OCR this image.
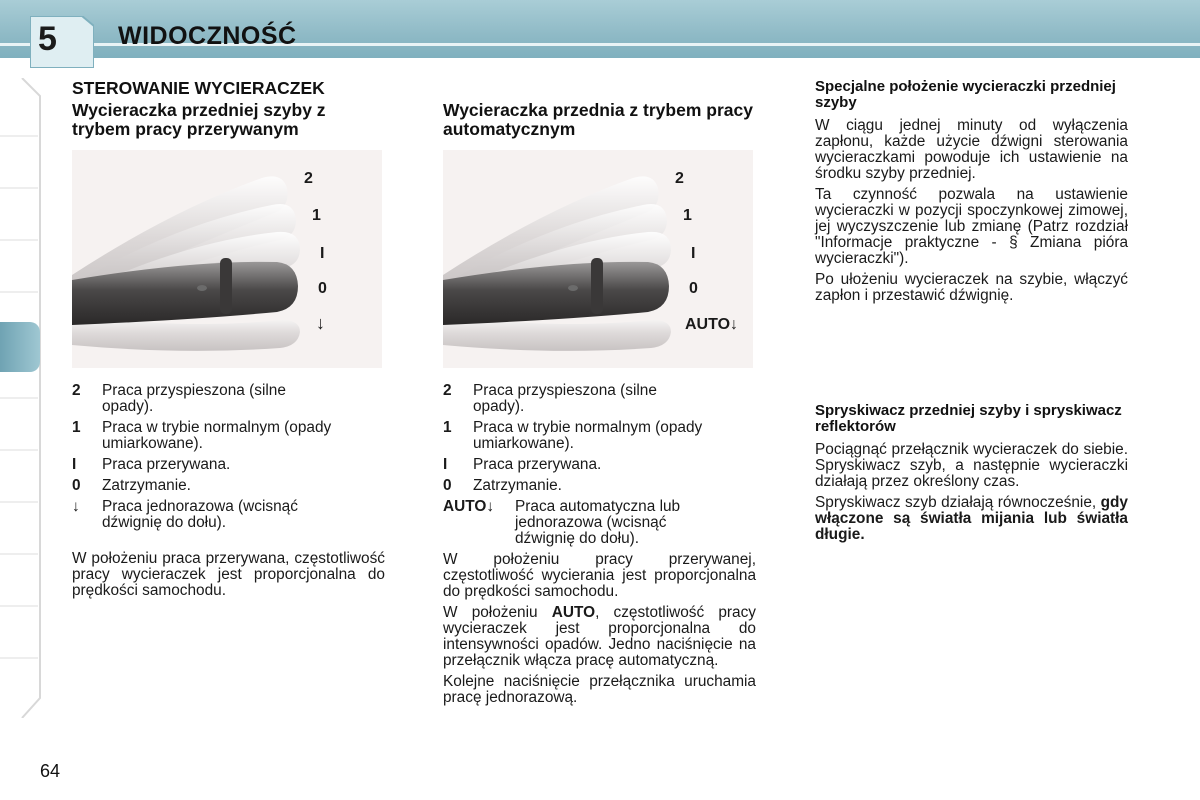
5 WIDOCZNOŚĆ
STEROWANIE WYCIERACZEK
Wycieraczka przedniej szyby z trybem pracy przerywanym
2
1
I
0
↓
2 Praca przyspieszona (silne opady).
1 Praca w trybie normalnym (opady umiarkowane).
I Praca przerywana.
0 Zatrzymanie.
↓ Praca jednorazowa (wcisnąć dźwignię do dołu).

W położeniu praca przerywana, częstotliwość pracy wycieraczek jest proporcjonalna do prędkości samochodu.

Wycieraczka przednia z trybem pracy automatycznym
2
1
I
0
AUTO↓
2 Praca przyspieszona (silne opady).
1 Praca w trybie normalnym (opady umiarkowane).
I Praca przerywana.
0 Zatrzymanie.
AUTO↓ Praca automatyczna lub jednorazowa (wcisnąć dźwignię do dołu).

W położeniu pracy przerywanej, częstotliwość wycierania jest proporcjonalna do prędkości samochodu.

W położeniu AUTO, częstotliwość pracy wycieraczek jest proporcjonalna do intensywności opadów. Jedno naciśnięcie na przełącznik włącza pracę automatyczną.

Kolejne naciśnięcie przełącznika uruchamia pracę jednorazową.

Specjalne położenie wycieraczki przedniej szyby

W ciągu jednej minuty od wyłączenia zapłonu, każde użycie dźwigni sterowania wycieraczkami powoduje ich ustawienie na środku szyby przedniej.

Ta czynność pozwala na ustawienie wycieraczki w pozycji spoczynkowej zimowej, jej wyczyszczenie lub zmianę (Patrz rozdział "Informacje praktyczne - § Zmiana pióra wycieraczki").

Po ułożeniu wycieraczek na szybie, włączyć zapłon i przestawić dźwignię.

Spryskiwacz przedniej szyby i spryskiwacz reflektorów

Pociągnąć przełącznik wycieraczek do siebie. Spryskiwacz szyb, a następnie wycieraczki działają przez określony czas.

Spryskiwacz szyb działają równocześnie, gdy włączone są światła mijania lub światła długie.

64
